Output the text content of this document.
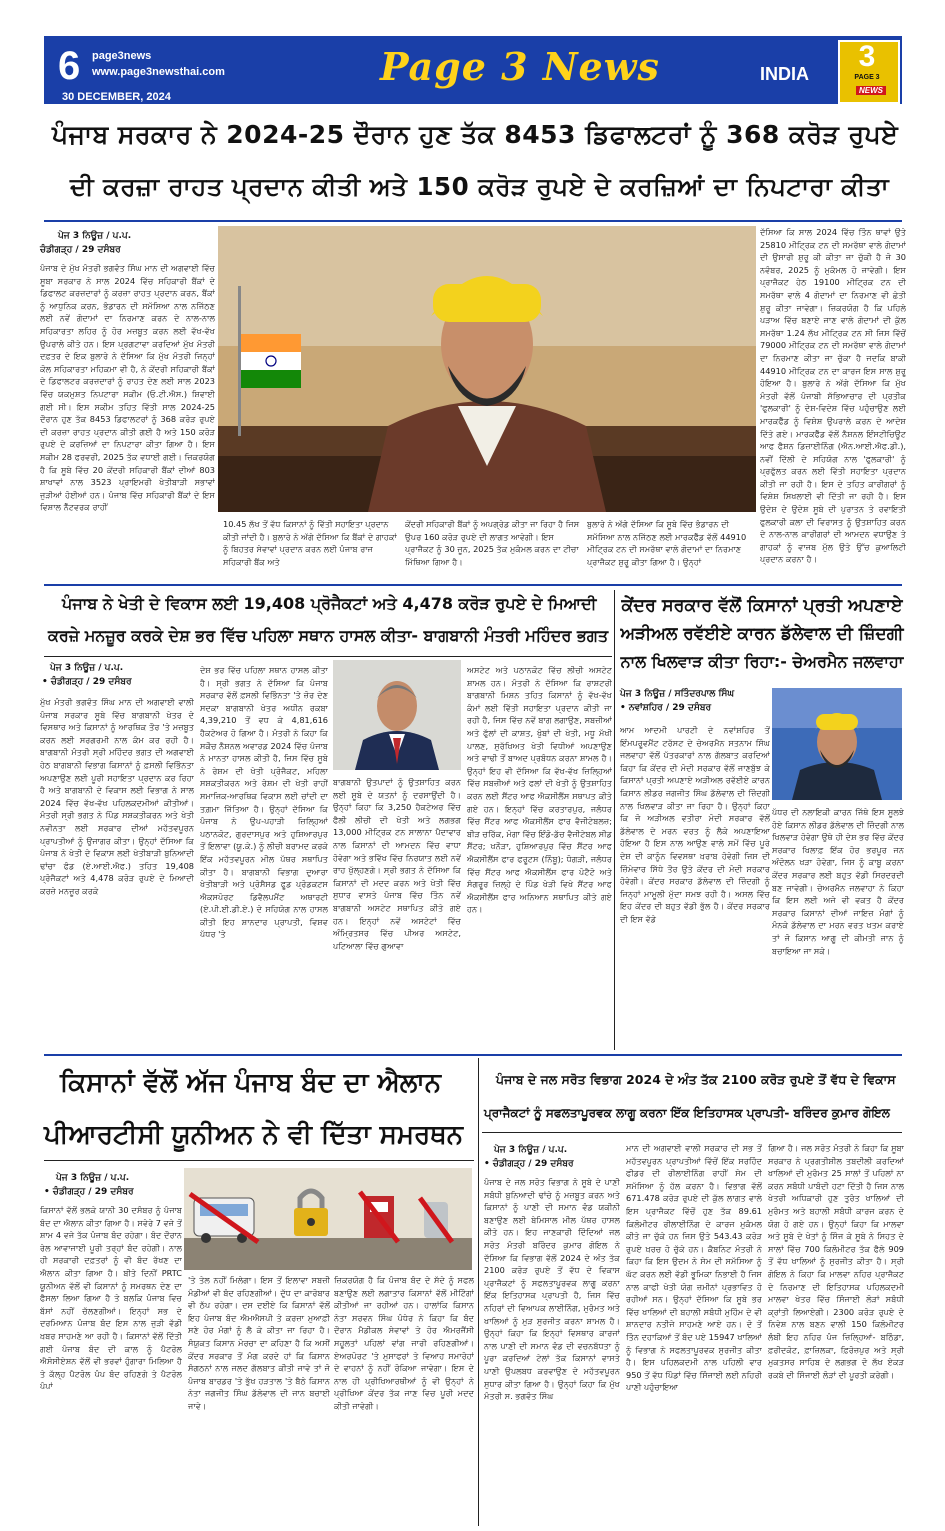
6 page3news
www.page3newsthai.com
30 DECEMBER, 2024
Page 3 News	INDIA
3
PAGE 3
NEWS
ਪੰਜਾਬ ਸਰਕਾਰ ਨੇ 2024-25 ਦੌਰਾਨ ਹੁਣ ਤੱਕ 8453 ਡਿਫਾਲਟਰਾਂ ਨੂੰ 368 ਕਰੋੜ ਰੁਪਏ
ਦੀ ਕਰਜ਼ਾ ਰਾਹਤ ਪ੍ਰਦਾਨ ਕੀਤੀ ਅਤੇ 150 ਕਰੋੜ ਰੁਪਏ ਦੇ ਕਰਜ਼ਿਆਂ ਦਾ ਨਿਪਟਾਰਾ ਕੀਤਾ
ਪੇਜ 3 ਨਿਊਜ਼ / ਪ.ਪ.
ਚੰਡੀਗੜ੍ਹ / 29 ਦਸੰਬਰ
ਪੰਜਾਬ ਦੇ ਮੁੱਖ ਮੰਤਰੀ ਭਗਵੰਤ ਸਿੰਘ ਮਾਨ ਦੀ ਅਗਵਾਈ ਵਿੱਚ ਸੂਬਾ ਸਰਕਾਰ ਨੇ ਸਾਲ 2024 ਵਿੱਚ ਸਹਿਕਾਰੀ ਬੈਂਕਾਂ ਦੇ ਡਿਫਾਲਟ ਕਰਜ਼ਦਾਰਾਂ ਨੂੰ ਕਰਜ਼ਾ ਰਾਹਤ ਪ੍ਰਦਾਨ ਕਰਨ, ਬੈਂਕਾਂ ਨੂੰ ਆਧੁਨਿਕ ਕਰਨ, ਭੰਡਾਰਨ ਦੀ ਸਮੱਸਿਆ ਨਾਲ ਨਜਿੱਠਣ ਲਈ ਨਵੇਂ ਗੋਦਾਮਾਂ ਦਾ ਨਿਰਮਾਣ ਕਰਨ ਦੇ ਨਾਲ-ਨਾਲ ਸਹਿਕਾਰਤਾ ਲਹਿਰ ਨੂੰ ਹੋਰ ਮਜ਼ਬੂਤ ਕਰਨ ਲਈ ਵੱਖ-ਵੱਖ ਉਪਰਾਲੇ ਕੀਤੇ ਹਨ। ਇਸ ਪ੍ਰਗਟਾਵਾ ਕਰਦਿਆਂ ਮੁੱਖ ਮੰਤਰੀ ਦਫ਼ਤਰ ਦੇ ਇਕ ਬੁਲਾਰੇ ਨੇ ਦੱਸਿਆ ਕਿ ਮੁੱਖ ਮੰਤਰੀ ਜਿਨ੍ਹਾਂ ਕੋਲ ਸਹਿਕਾਰਤਾ ਮਹਿਕਮਾ ਵੀ ਹੈ, ਨੇ ਕੇਂਦਰੀ ਸਹਿਕਾਰੀ ਬੈਂਕਾਂ ਦੇ ਡਿਫਾਲਟਰ ਕਰਜ਼ਦਾਰਾਂ ਨੂੰ ਰਾਹਤ ਦੇਣ ਲਈ ਸਾਲ 2023 ਵਿੱਚ ਯਕਮੁਸ਼ਤ ਨਿਪਟਾਰਾ ਸਕੀਮ (ਓ.ਟੀ.ਐਸ.) ਸ਼ਿਵਾਈ ਗਈ ਸੀ। ਇਸ ਸਕੀਮ ਤਹਿਤ ਵਿੱਤੀ ਸਾਲ 2024-25 ਦੌਰਾਨ ਹੁਣ ਤੱਕ 8453 ਡਿਫਾਲਟਰਾਂ ਨੂੰ 368 ਕਰੋੜ ਰੁਪਏ ਦੀ ਕਰਜ਼ਾ ਰਾਹਤ ਪ੍ਰਦਾਨ ਕੀਤੀ ਗਈ ਹੈ ਅਤੇ 150 ਕਰੋੜ ਰੁਪਏ ਦੇ ਕਰਜ਼ਿਆਂ ਦਾ ਨਿਪਟਾਰਾ ਕੀਤਾ ਗਿਆ ਹੈ। ਇਸ ਸਕੀਮ 28 ਫਰਵਰੀ, 2025 ਤੱਕ ਵਧਾਈ ਗਈ। ਜ਼ਿਕਰਯੋਗ ਹੈ ਕਿ ਸੂਬੇ ਵਿੱਚ 20 ਕੇਂਦਰੀ ਸਹਿਕਾਰੀ ਬੈਂਕਾਂ ਦੀਆਂ 803 ਸ਼ਾਖਾਵਾਂ ਨਾਲ 3523 ਪ੍ਰਾਇਮਰੀ ਖੇਤੀਬਾੜੀ ਸਭਾਵਾਂ ਜੁੜੀਆਂ ਹੋਈਆਂ ਹਨ। ਪੰਜਾਬ ਵਿੱਚ ਸਹਿਕਾਰੀ ਬੈਂਕਾਂ ਦੇ ਇਸ ਵਿਸ਼ਾਲ ਨੈੱਟਵਰਕ ਰਾਹੀਂ
10.45 ਲੱਖ ਤੋਂ ਵੱਧ ਕਿਸਾਨਾਂ ਨੂੰ ਵਿੱਤੀ ਸਹਾਇਤਾ ਪ੍ਰਦਾਨ ਕੀਤੀ ਜਾਂਦੀ ਹੈ। ਬੁਲਾਰੇ ਨੇ ਅੱਗੇ ਦੱਸਿਆ ਕਿ ਬੈਂਕਾਂ ਦੇ ਗਾਹਕਾਂ ਨੂੰ ਬਿਹਤਰ ਸੇਵਾਵਾਂ ਪ੍ਰਦਾਨ ਕਰਨ ਲਈ ਪੰਜਾਬ ਰਾਜ ਸਹਿਕਾਰੀ ਬੈਂਕ ਅਤੇ
ਕੇਂਦਰੀ ਸਹਿਕਾਰੀ ਬੈਂਕਾਂ ਨੂੰ ਅਪਗ੍ਰੇਡ ਕੀਤਾ ਜਾ ਰਿਹਾ ਹੈ ਜਿਸ ਉਪਰ 160 ਕਰੋੜ ਰੁਪਏ ਦੀ ਲਾਗਤ ਆਵੇਗੀ। ਇਸ ਪ੍ਰਾਜੈਕਟ ਨੂੰ 30 ਜੂਨ, 2025 ਤੱਕ ਮੁਕੰਮਲ ਕਰਨ ਦਾ ਟੀਚਾ ਮਿੱਥਿਆ ਗਿਆ ਹੈ।
ਬੁਲਾਰੇ ਨੇ ਅੱਗੇ ਦੱਸਿਆ ਕਿ ਸੂਬੇ ਵਿੱਚ ਭੰਡਾਰਨ ਦੀ ਸਮੱਸਿਆ ਨਾਲ ਨਜਿੱਠਣ ਲਈ ਮਾਰਕਫੈੱਡ ਵੱਲੋਂ 44910 ਮੀਟ੍ਰਿਕ ਟਨ ਦੀ ਸਮਰੱਥਾ ਵਾਲੇ ਗੋਦਾਮਾਂ ਦਾ ਨਿਰਮਾਣ ਪ੍ਰਾਜੈਕਟ ਸ਼ੁਰੂ ਕੀਤਾ ਗਿਆ ਹੈ। ਉਨ੍ਹਾਂ
ਦੱਸਿਆ ਕਿ ਸਾਲ 2024 ਵਿੱਚ ਤਿੰਨ ਥਾਵਾਂ ਉਤੇ 25810 ਮੀਟ੍ਰਿਕ ਟਨ ਦੀ ਸਮਰੱਥਾ ਵਾਲੇ ਗੋਦਾਮਾਂ ਦੀ ਉਸਾਰੀ ਸ਼ੁਰੂ ਕੀ ਕੀਤਾ ਜਾ ਚੁੱਕੀ ਹੈ ਜੋ 30 ਨਵੰਬਰ, 2025 ਨੂੰ ਮੁਕੰਮਲ ਹੋ ਜਾਵੇਗੀ। ਇਸ ਪ੍ਰਾਜੈਕਟ ਹੇਠ 19100 ਮੀਟ੍ਰਿਕ ਟਨ ਦੀ ਸਮਰੱਥਾ ਵਾਲੇ 4 ਗੋਦਾਮਾਂ ਦਾ ਨਿਰਮਾਣ ਵੀ ਛੇਤੀ ਸ਼ੁਰੂ ਕੀਤਾ ਜਾਵੇਗਾ। ਜ਼ਿਕਰਯੋਗ ਹੈ ਕਿ ਪਹਿਲੇ ਪੜਾਅ ਵਿੱਚ ਬਣਾਏ ਜਾਣ ਵਾਲੇ ਗੋਦਾਮਾਂ ਦੀ ਕੁੱਲ ਸਮਰੱਥਾ 1.24 ਲੱਖ ਮੀਟ੍ਰਿਕ ਟਨ ਸੀ ਜਿਸ ਵਿੱਚੋਂ 79000 ਮੀਟ੍ਰਿਕ ਟਨ ਦੀ ਸਮਰੱਥਾ ਵਾਲੇ ਗੋਦਾਮਾਂ ਦਾ ਨਿਰਮਾਣ ਕੀਤਾ ਜਾ ਚੁੱਕਾ ਹੈ ਜਦਕਿ ਬਾਕੀ 44910 ਮੀਟ੍ਰਿਕ ਟਨ ਦਾ ਕਾਰਜ ਇਸ ਸਾਲ ਸ਼ੁਰੂ ਹੋਇਆ ਹੈ। ਬੁਲਾਰੇ ਨੇ ਅੱਗੇ ਦੱਸਿਆ ਕਿ ਮੁੱਖ ਮੰਤਰੀ ਵੱਲੋਂ ਪੰਜਾਬੀ ਸੱਭਿਆਚਾਰ ਦੀ ਪ੍ਰਤੀਕ 'ਫੁਲਕਾਰੀ' ਨੂੰ ਦੇਸ਼-ਵਿਦੇਸ਼ ਵਿੱਚ ਪਹੁੰਚਾਉਣ ਲਈ ਮਾਰਕਫੈੱਡ ਨੂੰ ਵਿਸ਼ੇਸ਼ ਉਪਰਾਲੇ ਕਰਨ ਦੇ ਆਦੇਸ਼ ਦਿੱਤੇ ਗਏ। ਮਾਰਕਫੈੱਡ ਵੱਲੋਂ ਨੈਸ਼ਨਲ ਇੰਸਟੀਚਿਊਟ ਆਫ ਫੈਸ਼ਨ ਡਿਜ਼ਾਈਨਿੰਗ (ਐਨ.ਆਈ.ਐਫ.ਡੀ.), ਨਵੀਂ ਦਿੱਲੀ ਦੇ ਸਹਿਯੋਗ ਨਾਲ 'ਫੁਲਕਾਰੀ' ਨੂੰ ਪ੍ਰਫੁੱਲਤ ਕਰਨ ਲਈ ਵਿੱਤੀ ਸਹਾਇਤਾ ਪ੍ਰਦਾਨ ਕੀਤੀ ਜਾ ਰਹੀ ਹੈ। ਇਸ ਦੇ ਤਹਿਤ ਕਾਰੀਗਰਾਂ ਨੂੰ ਵਿਸ਼ੇਸ਼ ਸਿਖਲਾਈ ਵੀ ਦਿੱਤੀ ਜਾ ਰਹੀ ਹੈ। ਇਸ ਉਦੇਸ਼ ਦੇ ਉਦੇਸ਼ ਸੂਬੇ ਦੀ ਪੁਰਾਤਨ ਤੇ ਰਵਾਇਤੀ ਫੁਲਕਾਰੀ ਕਲਾ ਦੀ ਵਿਰਾਸਤ ਨੂੰ ਉਤਸ਼ਾਹਿਤ ਕਰਨ ਦੇ ਨਾਲ-ਨਾਲ ਕਾਰੀਗਰਾਂ ਦੀ ਆਮਦਨ ਵਧਾਉਣ ਤੇ ਗਾਹਕਾਂ ਨੂੰ ਵਾਜਬ ਮੁੱਲ ਉਤੇ ਉੱਚ ਕੁਆਲਿਟੀ ਪ੍ਰਦਾਨ ਕਰਨਾ ਹੈ।
ਪੰਜਾਬ ਨੇ ਖੇਤੀ ਦੇ ਵਿਕਾਸ ਲਈ 19,408 ਪ੍ਰੋਜੈਕਟਾਂ ਅਤੇ 4,478 ਕਰੋੜ ਰੁਪਏ ਦੇ ਮਿਆਦੀ
ਕਰਜ਼ੇ ਮਨਜ਼ੂਰ ਕਰਕੇ ਦੇਸ਼ ਭਰ ਵਿੱਚ ਪਹਿਲਾ ਸਥਾਨ ਹਾਸਲ ਕੀਤਾ- ਬਾਗਬਾਨੀ ਮੰਤਰੀ ਮਹਿੰਦਰ ਭਗਤ
ਪੇਜ 3 ਨਿਊਜ਼ / ਪ.ਪ.
• ਚੰਡੀਗੜ੍ਹ / 29 ਦਸੰਬਰ
ਮੁੱਖ ਮੰਤਰੀ ਭਗਵੰਤ ਸਿੰਘ ਮਾਨ ਦੀ ਅਗਵਾਈ ਵਾਲੀ ਪੰਜਾਬ ਸਰਕਾਰ ਸੂਬੇ ਵਿੱਚ ਬਾਗਬਾਨੀ ਖੇਤਰ ਦੇ ਵਿਸਥਾਰ ਅਤੇ ਕਿਸਾਨਾਂ ਨੂੰ ਆਰਥਿਕ ਤੌਰ 'ਤੇ ਮਜ਼ਬੂਤ ਕਰਨ ਲਈ ਸਰਗਰਮੀ ਨਾਲ ਕੰਮ ਕਰ ਰਹੀ ਹੈ। ਬਾਗਬਾਨੀ ਮੰਤਰੀ ਸ੍ਰੀ ਮਹਿੰਦਰ ਭਗਤ ਦੀ ਅਗਵਾਈ ਹੇਠ ਬਾਗਬਾਨੀ ਵਿਭਾਗ ਕਿਸਾਨਾਂ ਨੂੰ ਫ਼ਸਲੀ ਵਿਭਿੰਨਤਾ ਅਪਣਾਉਣ ਲਈ ਪੂਰੀ ਸਹਾਇਤਾ ਪ੍ਰਦਾਨ ਕਰ ਰਿਹਾ ਹੈ ਅਤੇ ਬਾਗਬਾਨੀ ਦੇ ਵਿਕਾਸ ਲਈ ਵਿਭਾਗ ਨੇ ਸਾਲ 2024 ਵਿੱਚ ਵੱਖ-ਵੱਖ ਪਹਿਲਕਦਮੀਆਂ ਕੀਤੀਆਂ। ਮੰਤਰੀ ਸ੍ਰੀ ਭਗਤ ਨੇ ਪਿੰਡ ਸਸ਼ਕਤੀਕਰਨ ਅਤੇ ਖੇਤੀ ਨਵੀਨਤਾ ਲਈ ਸਰਕਾਰ ਦੀਆਂ ਮਹੱਤਵਪੂਰਨ ਪ੍ਰਾਪਤੀਆਂ ਨੂੰ ਉਜਾਗਰ ਕੀਤਾ। ਉਨ੍ਹਾਂ ਦੱਸਿਆ ਕਿ ਪੰਜਾਬ ਨੇ ਖੇਤੀ ਦੇ ਵਿਕਾਸ ਲਈ ਖੇਤੀਬਾੜੀ ਬੁਨਿਆਦੀ ਢਾਂਚਾ ਫੰਡ (ਏ.ਆਈ.ਐਫ.) ਤਹਿਤ 19,408 ਪ੍ਰੋਜੈਕਟਾਂ ਅਤੇ 4,478 ਕਰੋੜ ਰੁਪਏ ਦੇ ਮਿਆਦੀ ਕਰਜ਼ੇ ਮਨਜ਼ੂਰ ਕਰਕੇ
ਦੇਸ਼ ਭਰ ਵਿੱਚ ਪਹਿਲਾ ਸਥਾਨ ਹਾਸਲ ਕੀਤਾ ਹੈ। ਸ੍ਰੀ ਭਗਤ ਨੇ ਦੱਸਿਆ ਕਿ ਪੰਜਾਬ ਸਰਕਾਰ ਵੱਲੋਂ ਫ਼ਸਲੀ ਵਿਭਿੰਨਤਾ 'ਤੇ ਜ਼ੋਰ ਦੇਣ ਸਦਕਾ ਬਾਗਬਾਨੀ ਖੇਤਰ ਅਧੀਨ ਰਕਬਾ 4,39,210 ਤੋਂ ਵਧ ਕੇ 4,81,616 ਹੈਕਟੇਅਰ ਹੋ ਗਿਆ ਹੈ। ਮੰਤਰੀ ਨੇ ਕਿਹਾ ਕਿ ਸਕੌਚ ਨੈਸ਼ਨਲ ਅਵਾਰਡ 2024 ਵਿੱਚ ਪੰਜਾਬ ਨੇ ਮਾਨਤਾ ਹਾਸਲ ਕੀਤੀ ਹੈ, ਜਿਸ ਵਿੱਚ ਸੂਬੇ ਨੇ ਰੇਸ਼ਮ ਦੀ ਖੇਤੀ ਪ੍ਰੋਜੈਕਟ, ਮਹਿਲਾ ਸਸ਼ਕਤੀਕਰਨ ਅਤੇ ਰੇਸ਼ਮ ਦੀ ਖੇਤੀ ਰਾਹੀਂ ਸਮਾਜਿਕ-ਆਰਥਿਕ ਵਿਕਾਸ ਲਈ ਚਾਂਦੀ ਦਾ ਤਗ਼ਮਾ ਜਿੱਤਿਆ ਹੈ। ਉਨ੍ਹਾਂ ਦੱਸਿਆ ਕਿ ਪੰਜਾਬ ਨੇ ਉਪ-ਪਹਾੜੀ ਜ਼ਿਲ੍ਹਿਆਂ ਪਠਾਨਕੋਟ, ਗੁਰਦਾਸਪੁਰ ਅਤੇ ਹੁਸ਼ਿਆਰਪੁਰ ਤੋਂ ਇਲਾਵਾ (ਯੂ.ਕੇ.) ਨੂੰ ਲੀਚੀ ਬਰਾਮਦ ਕਰਕੇ ਇੱਕ ਮਹੱਤਵਪੂਰਨ ਮੀਲ ਪੱਥਰ ਸਥਾਪਿਤ ਕੀਤਾ ਹੈ। ਬਾਗਬਾਨੀ ਵਿਭਾਗ ਦੁਆਰਾ ਖੇਤੀਬਾੜੀ ਅਤੇ ਪ੍ਰੋਸੈਸਡ ਫੂਡ ਪ੍ਰੋਡਕਟਸ ਐਕਸਪੋਰਟ ਡਿਵੈਲਪਮੈਂਟ ਅਥਾਰਟੀ (ਏ.ਪੀ.ਈ.ਡੀ.ਏ.) ਦੇ ਸਹਿਯੋਗ ਨਾਲ ਹਾਸਲ ਕੀਤੀ ਇਹ ਸ਼ਾਨਦਾਰ ਪ੍ਰਾਪਤੀ, ਵਿਸ਼ਵ ਪੱਧਰ 'ਤੇ
ਬਾਗਬਾਨੀ ਉਤਪਾਦਾਂ ਨੂੰ ਉਤਸ਼ਾਹਿਤ ਕਰਨ ਲਈ ਸੂਬੇ ਦੇ ਯਤਨਾਂ ਨੂੰ ਦਰਸਾਉਂਦੀ ਹੈ। ਉਨ੍ਹਾਂ ਕਿਹਾ ਕਿ 3,250 ਹੈਕਟੇਅਰ ਵਿੱਚ ਫੈਲੀ ਲੀਚੀ ਦੀ ਖੇਤੀ ਅਤੇ ਲਗਭਗ 13,000 ਮੀਟ੍ਰਿਕ ਟਨ ਸਾਲਾਨਾ ਪੈਦਾਵਾਰ ਨਾਲ ਕਿਸਾਨਾਂ ਦੀ ਆਮਦਨ ਵਿੱਚ ਵਾਧਾ ਹੋਵੇਗਾ ਅਤੇ ਭਵਿੱਖ ਵਿੱਚ ਨਿਰਯਾਤ ਲਈ ਨਵੇਂ ਰਾਹ ਖੁੱਲ੍ਹਣਗੇ। ਸ੍ਰੀ ਭਗਤ ਨੇ ਦੱਸਿਆ ਕਿ ਕਿਸਾਨਾਂ ਦੀ ਮਦਦ ਕਰਨ ਅਤੇ ਖੇਤੀ ਵਿੱਚ ਸੁਧਾਰ ਵਾਸਤੇ ਪੰਜਾਬ ਵਿੱਚ ਤਿੰਨ ਨਵੇਂ ਬਾਗਬਾਨੀ ਅਸਟੇਟ ਸਥਾਪਿਤ ਕੀਤੇ ਗਏ ਹਨ। ਇਨ੍ਹਾਂ ਨਵੇਂ ਅਸਟੇਟਾਂ ਵਿੱਚ ਅੰਮ੍ਰਿਤਸਰ ਵਿੱਚ ਪੀਅਰ ਅਸਟੇਟ, ਪਟਿਆਲਾ ਵਿੱਚ ਗੁਆਵਾ
ਅਸਟੇਟ ਅਤੇ ਪਠਾਨਕੋਟ ਵਿੱਚ ਲੀਚੀ ਅਸਟੇਟ ਸ਼ਾਮਲ ਹਨ। ਮੰਤਰੀ ਨੇ ਦੱਸਿਆ ਕਿ ਰਾਸ਼ਟਰੀ ਬਾਗਬਾਨੀ ਮਿਸ਼ਨ ਤਹਿਤ ਕਿਸਾਨਾਂ ਨੂੰ ਵੱਖ-ਵੱਖ ਕੰਮਾਂ ਲਈ ਵਿੱਤੀ ਸਹਾਇਤਾ ਪ੍ਰਦਾਨ ਕੀਤੀ ਜਾ ਰਹੀ ਹੈ, ਜਿਸ ਵਿੱਚ ਨਵੇਂ ਬਾਗ ਲਗਾਉਣ, ਸਬਜ਼ੀਆਂ ਅਤੇ ਫੁੱਲਾਂ ਦੀ ਕਾਸ਼ਤ, ਖੁੰਬਾਂ ਦੀ ਖੇਤੀ, ਮਧੂ ਮੱਖੀ ਪਾਲਣ, ਸੁਰੱਖਿਅਤ ਖੇਤੀ ਵਿਧੀਆਂ ਅਪਣਾਉਣ ਅਤੇ ਵਾਢੀ ਤੋਂ ਬਾਅਦ ਪ੍ਰਬੰਧਨ ਕਰਨਾ ਸ਼ਾਮਲ ਹੈ। ਉਨ੍ਹਾਂ ਇਹ ਵੀ ਦੱਸਿਆ ਕਿ ਵੱਖ-ਵੱਖ ਜ਼ਿਲ੍ਹਿਆਂ ਵਿੱਚ ਸਬਜ਼ੀਆਂ ਅਤੇ ਫਲਾਂ ਦੀ ਖੇਤੀ ਨੂੰ ਉਤਸ਼ਾਹਿਤ ਕਰਨ ਲਈ ਸੈਂਟਰ ਆਫ ਐਕਸੀਲੈਂਸ ਸਥਾਪਤ ਕੀਤੇ ਗਏ ਹਨ। ਇਨ੍ਹਾਂ ਵਿੱਚ ਕਰਤਾਰਪੁਰ, ਜਲੰਧਰ ਵਿੱਚ ਸੈਂਟਰ ਆਫ ਐਕਸੀਲੈਂਸ ਫਾਰ ਵੈਜੀਟੇਬਲਜ਼; ਬੀੜ ਚਰਿੱਕ, ਮੋਗਾ ਵਿੱਚ ਇੰਡੋ-ਡੱਚ ਵੈਜੀਟੇਬਲ ਸੀਡ ਸੈਂਟਰ; ਖਨੌੜਾ, ਹੁਸ਼ਿਆਰਪੁਰ ਵਿੱਚ ਸੈਂਟਰ ਆਫ ਐਕਸੀਲੈਂਸ ਫਾਰ ਫਰੂਟਸ (ਨਿੰਬੂ); ਧੋਗੜੀ, ਜਲੰਧਰ ਵਿੱਚ ਸੈਂਟਰ ਆਫ ਐਕਸੀਲੈਂਸ ਫਾਰ ਪੋਟੈਟੋ ਅਤੇ ਸੰਗਰੂਰ ਜ਼ਿਲ੍ਹੇ ਦੇ ਪਿੰਡ ਖੇੜੀ ਵਿਖੇ ਸੈਂਟਰ ਆਫ ਐਕਸੀਲੈਂਸ ਫਾਰ ਅਨਿਆਨ ਸਥਾਪਿਤ ਕੀਤੇ ਗਏ ਹਨ।
ਕੇਂਦਰ ਸਰਕਾਰ ਵੱਲੋਂ ਕਿਸਾਨਾਂ ਪ੍ਰਤੀ ਅਪਣਾਏ
ਅੜੀਅਲ ਰਵੱਈਏ ਕਾਰਨ ਡੱਲੇਵਾਲ ਦੀ ਜ਼ਿੰਦਗੀ
ਨਾਲ ਖਿਲਵਾੜ ਕੀਤਾ ਰਿਹਾ:- ਚੇਅਰਮੈਨ ਜਲਵਾਹਾ
ਪੇਜ 3 ਨਿਊਜ਼ / ਸਤਿੰਦਰਪਾਲ ਸਿੰਘ
• ਨਵਾਂਸ਼ਹਿਰ / 29 ਦਸੰਬਰ
ਆਮ ਆਦਮੀ ਪਾਰਟੀ ਦੇ ਨਵਾਂਸ਼ਹਿਰ ਤੋਂ ਇੰਮਪਰੂਵਮੈਂਟ ਟਰੱਸਟ ਦੇ ਚੇਅਰਮੈਨ ਸਤਨਾਮ ਸਿੰਘ ਜਲਵਾਹਾ ਵੱਲੋਂ ਪੱਤਰਕਾਰਾਂ ਨਾਲ ਗੱਲਬਾਤ ਕਰਦਿਆਂ ਕਿਹਾ ਕਿ ਕੇਂਦਰ ਦੀ ਮੋਦੀ ਸਰਕਾਰ ਵੱਲੋਂ ਜਾਣਬੁੱਝ ਕੇ ਕਿਸਾਨਾਂ ਪ੍ਰਤੀ ਅਪਣਾਏ ਅੜੀਅਲ ਰਵੱਈਏ ਕਾਰਨ ਕਿਸਾਨ ਲੀਡਰ ਜਗਜੀਤ ਸਿੰਘ ਡੱਲੇਵਾਲ ਦੀ ਜ਼ਿੰਦਗੀ ਨਾਲ ਖਿਲਵਾੜ ਕੀਤਾ ਜਾ ਰਿਹਾ ਹੈ। ਉਨ੍ਹਾਂ ਕਿਹਾ ਕਿ ਜੋ ਅੜੀਅਲ ਵਤੀਰਾ ਮੋਦੀ ਸਰਕਾਰ ਵੱਲੋਂ ਡੱਲੇਵਾਲ ਦੇ ਮਰਨ ਵਰਤ ਨੂੰ ਲੈਕੇ ਅਪਣਾਇਆ ਹੋਇਆ ਹੈ ਇਸ ਨਾਲ ਆਉਣ ਵਾਲੇ ਸਮੇਂ ਵਿੱਚ ਪੂਰੇ ਦੇਸ਼ ਦੀ ਕਾਨੂੰਨ ਵਿਵਸਥਾ ਖ਼ਰਾਬ ਹੋਵੇਗੀ ਜਿਸ ਦੀ ਜ਼ਿੰਮੇਵਾਰ ਸਿੱਧੇ ਤੌਰ ਉਤੇ ਕੇਂਦਰ ਦੀ ਮੋਦੀ ਸਰਕਾਰ ਹੋਵੇਗੀ। ਕੇਂਦਰ ਸਰਕਾਰ ਡੱਲੇਵਾਲ ਦੀ ਜ਼ਿੰਦਗੀ ਨੂੰ ਜਿਨ੍ਹਾਂ ਮਾਮੂਲੀ ਮੁੱਦਾ ਸਮਝ ਰਹੀ ਹੈ। ਅਸਲ ਵਿੱਚ ਇਹ ਕੇਂਦਰ ਦੀ ਬਹੁਤ ਵੱਡੀ ਭੁੱਲ ਹੈ। ਕੇਂਦਰ ਸਰਕਾਰ ਦੀ ਇਸ ਵੱਡੇ
ਪੱਧਰ ਦੀ ਨਲਾਇਕੀ ਕਾਰਨ ਜਿੱਥੇ ਇਸ ਸੂਲਝੇ ਹੋਏ ਕਿਸਾਨ ਲੀਡਰ ਡੱਲੇਵਾਲ ਦੀ ਜ਼ਿੰਦਗੀ ਨਾਲ ਖਿਲਵਾੜ ਹੋਵੇਗਾ ਉਥੇ ਹੀ ਦੇਸ਼ ਭਰ ਵਿੱਚ ਕੇਂਦਰ ਸਰਕਾਰ ਖਿਲਾਫ਼ ਇੱਕ ਹੋਰ ਭਰਪੂਰ ਜਨ ਅੰਦੋਲਨ ਖੜਾ ਹੋਵੇਗਾ, ਜਿਸ ਨੂੰ ਕਾਬੂ ਕਰਨਾ ਕੇਂਦਰ ਸਰਕਾਰ ਲਈ ਬਹੁਤ ਵੱਡੀ ਸਿਰਦਰਦੀ ਬਣ ਜਾਵੇਗੀ। ਚੇਅਰਮੈਨ ਜਲਵਾਹਾ ਨੇ ਕਿਹਾ ਕਿ ਇਸ ਲਈ ਅਜੇ ਵੀ ਵਕਤ ਹੈ ਕੇਂਦਰ ਸਰਕਾਰ ਕਿਸਾਨਾਂ ਦੀਆਂ ਜਾਇਜ਼ ਮੰਗਾਂ ਨੂੰ ਮੰਨਕੇ ਡੱਲੇਵਾਲ ਦਾ ਮਰਨ ਵਰਤ ਖਤਮ ਕਰਾਏ ਤਾਂ ਜੋ ਕਿਸਾਨ ਆਗੂ ਦੀ ਕੀਮਤੀ ਜਾਨ ਨੂੰ ਬਚਾਇਆ ਜਾ ਸਕੇ।
ਕਿਸਾਨਾਂ ਵੱਲੋਂ ਅੱਜ ਪੰਜਾਬ ਬੰਦ ਦਾ ਐਲਾਨ
ਪੀਆਰਟੀਸੀ ਯੂਨੀਅਨ ਨੇ ਵੀ ਦਿੱਤਾ ਸਮਰਥਨ
ਪੇਜ 3 ਨਿਊਜ਼ / ਪ.ਪ.
• ਚੰਡੀਗੜ੍ਹ / 29 ਦਸੰਬਰ
ਕਿਸਾਨਾਂ ਵੱਲੋਂ ਭਲਕੇ ਯਾਨੀ 30 ਦਸੰਬਰ ਨੂੰ ਪੰਜਾਬ ਬੰਦ ਦਾ ਐਲਾਨ ਕੀਤਾ ਗਿਆ ਹੈ। ਸਵੇਰੇ 7 ਵਜੇ ਤੋਂ ਸ਼ਾਮ 4 ਵਜੇ ਤੱਕ ਪੰਜਾਬ ਬੰਦ ਰਹੇਗਾ। ਬੰਦ ਦੌਰਾਨ ਰੇਲ ਆਵਾਜਾਈ ਪੂਰੀ ਤਰ੍ਹਾਂ ਬੰਦ ਰਹੇਗੀ। ਨਾਲ ਹੀ ਸਰਕਾਰੀ ਦਫ਼ਤਰਾਂ ਨੂੰ ਵੀ ਬੰਦ ਰੱਖਣ ਦਾ ਐਲਾਨ ਕੀਤਾ ਗਿਆ ਹੈ। ਬੀਤੇ ਦਿਨੀਂ PRTC ਯੂਨੀਅਨ ਵੱਲੋਂ ਵੀ ਕਿਸਾਨਾਂ ਨੂੰ ਸਮਰਥਨ ਦੇਣ ਦਾ ਫੈਸਲਾ ਲਿਆ ਗਿਆ ਹੈ ਤੇ ਬਲਕਿ ਪੰਜਾਬ ਵਿਚ ਬੱਸਾਂ ਨਹੀਂ ਚੱਲਣਗੀਆਂ। ਇਨ੍ਹਾਂ ਸਭ ਦੇ ਦਰਮਿਆਨ ਪੰਜਾਬ ਬੰਦ ਇਸ ਨਾਲ ਜੁੜੀ ਵੱਡੀ ਖ਼ਬਰ ਸਾਹਮਣੇ ਆ ਰਹੀ ਹੈ। ਕਿਸਾਨਾਂ ਵੱਲੋਂ ਦਿੱਤੀ ਗਈ ਪੰਜਾਬ ਬੰਦ ਦੀ ਕਾਲ ਨੂੰ ਪੈਟਰੋਲ ਐਸੋਸੀਏਸ਼ਨ ਵੱਲੋਂ ਵੀ ਭਰਵਾਂ ਹੁੰਗਾਰਾ ਮਿਲਿਆ ਹੈ ਤੇ ਕੱਲ੍ਹ ਪੈਟਰੋਲ ਪੰਪ ਬੰਦ ਰਹਿਣਗੇ ਤੇ ਪੈਟਰੋਲ ਪੰਪਾਂ
'ਤੇ ਤੇਲ ਨਹੀਂ ਮਿਲੇਗਾ। ਇਸ ਤੋਂ ਇਲਾਵਾ ਸਬਜ਼ੀ ਮੰਡੀਆਂ ਵੀ ਬੰਦ ਰਹਿਣਗੀਆਂ। ਦੁੱਧ ਦਾ ਕਾਰੋਬਾਰ ਵੀ ਠੱਪ ਰਹੇਗਾ। ਦਸ ਦਈਏ ਕਿ ਕਿਸਾਨਾਂ ਵੱਲੋਂ ਇਹ ਪੰਜਾਬ ਬੰਦ ਐਮਐਸਪੀ ਤੇ ਕਰਜ਼ਾ ਮੁਆਫ਼ੀ ਸਣੇ ਹੋਰ ਮੰਗਾਂ ਨੂੰ ਲੈ ਕੇ ਕੀਤਾ ਜਾ ਰਿਹਾ ਹੈ। ਸੰਯੁਕਤ ਕਿਸਾਨ ਮੋਰਚਾ ਦਾ ਕਹਿਣਾ ਹੈ ਕਿ ਅਸੀਂ ਕੇਂਦਰ ਸਰਕਾਰ ਤੋਂ ਮੰਗ ਕਰਦੇ ਹਾਂ ਕਿ ਕਿਸਾਨ ਸੰਗਠਨਾਂ ਨਾਲ ਜਲਦ ਗੱਲਬਾਤ ਕੀਤੀ ਜਾਵੇ ਤਾਂ ਜੋ ਪੰਜਾਬ ਬਾਰਡਰ 'ਤੇ ਭੁੱਖ ਹੜਤਾਲ 'ਤੇ ਬੈਠੇ ਕਿਸਾਨ ਨੇਤਾ ਜਗਜੀਤ ਸਿੰਘ ਡੱਲੇਵਾਲ ਦੀ ਜਾਨ ਬਚਾਈ ਜਾਵੇ।
ਜ਼ਿਕਰਯੋਗ ਹੈ ਕਿ ਪੰਜਾਬ ਬੰਦ ਦੇ ਸੱਦੇ ਨੂੰ ਸਫਲ ਬਣਾਉਣ ਲਈ ਲਗਾਤਾਰ ਕਿਸਾਨਾਂ ਵੱਲੋਂ ਮੀਟਿੰਗਾਂ ਕੀਤੀਆਂ ਜਾ ਰਹੀਆਂ ਹਨ। ਹਾਲਾਂਕਿ ਕਿਸਾਨ ਨੇਤਾ ਸਰਵਨ ਸਿੰਘ ਪੰਧੇਰ ਨੇ ਕਿਹਾ ਕਿ ਬੰਦ ਦੌਰਾਨ ਮੈਡੀਕਲ ਸੇਵਾਵਾਂ ਤੇ ਹੋਰ ਐਮਰਜੈਂਸੀ ਸਹੂਲਤਾਂ ਪਹਿਲਾਂ ਵਾਂਗ ਜਾਰੀ ਰਹਿਣਗੀਆਂ। ਏਅਰਪੋਰਟ 'ਤੇ ਮੁਸਾਫਰਾਂ ਤੇ ਵਿਆਹ ਸਮਾਰੋਹਾਂ ਦੇ ਵਾਹਨਾਂ ਨੂੰ ਨਹੀਂ ਰੋਕਿਆ ਜਾਵੇਗਾ। ਇਸ ਦੇ ਨਾਲ ਹੀ ਪ੍ਰੀਖਿਆਰਥੀਆਂ ਨੂੰ ਵੀ ਉਨ੍ਹਾਂ ਨੇ ਪ੍ਰੀਖਿਆ ਕੇਂਦਰ ਤੱਕ ਜਾਣ ਵਿਚ ਪੂਰੀ ਮਦਦ ਕੀਤੀ ਜਾਵੇਗੀ।
ਪੰਜਾਬ ਦੇ ਜਲ ਸਰੋਤ ਵਿਭਾਗ 2024 ਦੇ ਅੰਤ ਤੱਕ 2100 ਕਰੋੜ ਰੁਪਏ ਤੋਂ ਵੱਧ ਦੇ ਵਿਕਾਸ
ਪ੍ਰਾਜੈਕਟਾਂ ਨੂੰ ਸਫਲਤਾਪੂਰਵਕ ਲਾਗੂ ਕਰਨਾ ਇੱਕ ਇਤਿਹਾਸਕ ਪ੍ਰਾਪਤੀ- ਬਰਿੰਦਰ ਕੁਮਾਰ ਗੋਇਲ
ਪੇਜ 3 ਨਿਊਜ਼ / ਪ.ਪ.
• ਚੰਡੀਗੜ੍ਹ / 29 ਦਸੰਬਰ
ਪੰਜਾਬ ਦੇ ਜਲ ਸਰੋਤ ਵਿਭਾਗ ਨੇ ਸੂਬੇ ਦੇ ਪਾਣੀ ਸਬੰਧੀ ਬੁਨਿਆਦੀ ਢਾਂਚੇ ਨੂੰ ਮਜ਼ਬੂਤ ਕਰਨ ਅਤੇ ਕਿਸਾਨਾਂ ਨੂੰ ਪਾਣੀ ਦੀ ਸਮਾਨ ਵੰਡ ਯਕੀਨੀ ਬਣਾਉਣ ਲਈ ਬੇਮਿਸਾਲ ਮੀਲ ਪੱਥਰ ਹਾਸਲ ਕੀਤੇ ਹਨ। ਇਹ ਜਾਣਕਾਰੀ ਦਿੰਦਿਆਂ ਜਲ ਸਰੋਤ ਮੰਤਰੀ ਬਰਿੰਦਰ ਕੁਮਾਰ ਗੋਇਲ ਨੇ ਦੱਸਿਆ ਕਿ ਵਿਭਾਗ ਵੱਲੋਂ 2024 ਦੇ ਅੰਤ ਤੱਕ 2100 ਕਰੋੜ ਰੁਪਏ ਤੋਂ ਵੱਧ ਦੇ ਵਿਕਾਸ ਪ੍ਰਾਜੈਕਟਾਂ ਨੂੰ ਸਫਲਤਾਪੂਰਵਕ ਲਾਗੂ ਕਰਨਾ ਇੱਕ ਇਤਿਹਾਸਕ ਪ੍ਰਾਪਤੀ ਹੈ, ਜਿਸ ਵਿੱਚ ਨਹਿਰਾਂ ਦੀ ਵਿਆਪਕ ਲਾਈਨਿੰਗ, ਮੁਰੰਮਤ ਅਤੇ ਖਾਲਿਆਂ ਨੂੰ ਮੁੜ ਸੁਰਜੀਤ ਕਰਨਾ ਸ਼ਾਮਲ ਹੈ। ਉਨ੍ਹਾਂ ਕਿਹਾ ਕਿ ਇਨ੍ਹਾਂ ਵਿਸਥਾਰ ਕਾਰਜਾਂ ਨਾਲ ਪਾਣੀ ਦੀ ਸਮਾਨ ਵੰਡ ਦੀ ਵਚਨਬੱਧਤਾ ਨੂੰ ਪੂਰਾ ਕਰਦਿਆਂ ਟੇਲਾਂ ਤੱਕ ਕਿਸਾਨਾਂ ਵਾਸਤੇ ਪਾਣੀ ਉਪਲਬਧ ਕਰਵਾਉਣ ਦੇ ਮਹੱਤਵਪੂਰਨ ਸੁਧਾਰ ਕੀਤਾ ਗਿਆ ਹੈ। ਉਨ੍ਹਾਂ ਕਿਹਾ ਕਿ ਮੁੱਖ ਮੰਤਰੀ ਸ. ਭਗਵੰਤ ਸਿੰਘ
ਮਾਨ ਦੀ ਅਗਵਾਈ ਵਾਲੀ ਸਰਕਾਰ ਦੀ ਸਭ ਤੋਂ ਮਹੱਤਵਪੂਰਨ ਪ੍ਰਾਪਤੀਆਂ ਵਿੱਚੋਂ ਇੱਕ ਸਰਹਿੰਦ ਫੀਡਰ ਦੀ ਰੀਲਾਈਨਿੰਗ ਰਾਹੀਂ ਸੇਮ ਦੀ ਸਮੱਸਿਆ ਨੂੰ ਹੱਲ ਕਰਨਾ ਹੈ। ਵਿਭਾਗ ਵੱਲੋਂ 671.478 ਕਰੋੜ ਰੁਪਏ ਦੀ ਕੁੱਲ ਲਾਗਤ ਵਾਲੇ ਇਸ ਪ੍ਰਾਜੈਕਟ ਵਿੱਚੋਂ ਹੁਣ ਤੱਕ 89.61 ਕਿਲੋਮੀਟਰ ਰੀਲਾਈਨਿੰਗ ਦੇ ਕਾਰਜ ਮੁਕੰਮਲ ਕੀਤੇ ਜਾ ਚੁੱਕੇ ਹਨ ਜਿਸ ਉਤੇ 543.43 ਕਰੋੜ ਰੁਪਏ ਖ਼ਰਚ ਹੋ ਚੁੱਕੇ ਹਨ। ਕੈਬਨਿਟ ਮੰਤਰੀ ਨੇ ਕਿਹਾ ਕਿ ਇਸ ਉਦਮ ਨੇ ਸੇਮ ਦੀ ਸਮੱਸਿਆ ਨੂੰ ਘੱਟ ਕਰਨ ਲਈ ਵੱਡੀ ਭੂਮਿਕਾ ਨਿਭਾਈ ਹੈ ਜਿਸ ਨਾਲ ਕਾਫੀ ਖੇਤੀ ਯੋਗ ਜ਼ਮੀਨਾਂ ਪ੍ਰਭਾਵਿਤ ਹੋ ਰਹੀਆਂ ਸਨ। ਉਨ੍ਹਾਂ ਦੱਸਿਆ ਕਿ ਸੂਬੇ ਭਰ ਵਿੱਚ ਖਾਲਿਆਂ ਦੀ ਬਹਾਲੀ ਸਬੰਧੀ ਮੁਹਿੰਮ ਦੇ ਵੀ ਸ਼ਾਨਦਾਰ ਨਤੀਜੇ ਸਾਹਮਣੇ ਆਏ ਹਨ। ਦੋ ਤੋਂ ਤਿੰਨ ਦਹਾਕਿਆਂ ਤੋਂ ਬੰਦ ਪਏ 15947 ਖਾਲਿਆਂ ਨੂੰ ਵਿਭਾਗ ਨੇ ਸਫਲਤਾਪੂਰਵਕ ਸੁਰਜੀਤ ਕੀਤਾ ਹੈ। ਇਸ ਪਹਿਲਕਦਮੀ ਨਾਲ ਪਹਿਲੀ ਵਾਰ 950 ਤੋਂ ਵੱਧ ਪਿੰਡਾਂ ਵਿੱਚ ਸਿੰਜਾਈ ਲਈ ਨਹਿਰੀ ਪਾਣੀ ਪਹੁੰਚਾਇਆ
ਗਿਆ ਹੈ। ਜਲ ਸਰੋਤ ਮੰਤਰੀ ਨੇ ਕਿਹਾ ਕਿ ਸੂਬਾ ਸਰਕਾਰ ਨੇ ਪ੍ਰਗਤੀਸ਼ੀਲ ਤਬਦੀਲੀ ਕਰਦਿਆਂ ਖਾਲਿਆਂ ਦੀ ਮੁਰੰਮਤ 25 ਸਾਲਾਂ ਤੋਂ ਪਹਿਲਾਂ ਨਾ ਕਰਨ ਸਬੰਧੀ ਪਾਬੰਦੀ ਹਟਾ ਦਿੱਤੀ ਹੈ ਜਿਸ ਨਾਲ ਖੇਤਰੀ ਅਧਿਕਾਰੀ ਹੁਣ ਤੁਰੰਤ ਖਾਲਿਆਂ ਦੀ ਮੁਰੰਮਤ ਅਤੇ ਬਹਾਲੀ ਸਬੰਧੀ ਕਾਰਜ ਕਰਨ ਦੇ ਯੋਗ ਹੋ ਗਏ ਹਨ। ਉਨ੍ਹਾਂ ਕਿਹਾ ਕਿ ਮਾਲਵਾ ਅਤੇ ਸੂਬੇ ਦੇ ਖੇਤਾਂ ਨੂੰ ਸਿੰਜ ਕੇ ਸੂਬੇ ਨੇ ਸਿਹਤ ਦੇ ਸਾਲਾਂ ਵਿੱਚ 700 ਕਿਲੋਮੀਟਰ ਤੱਕ ਫੈਲੇ 909 ਤੋਂ ਵੱਧ ਖਾਲਿਆਂ ਨੂੰ ਸੁਰਜੀਤ ਕੀਤਾ ਹੈ। ਸ੍ਰੀ ਗੋਇਲ ਨੇ ਕਿਹਾ ਕਿ ਮਾਲਵਾ ਨਹਿਰ ਪ੍ਰਾਜੈਕਟ ਦੇ ਨਿਰਮਾਣ ਦੀ ਇਤਿਹਾਸਕ ਪਹਿਲਕਦਮੀ ਮਾਲਵਾ ਖੇਤਰ ਵਿੱਚ ਸਿੰਜਾਈ ਲੋੜਾਂ ਸਬੰਧੀ ਕ੍ਰਾਂਤੀ ਲਿਆਏਗੀ। 2300 ਕਰੋੜ ਰੁਪਏ ਦੇ ਨਿਵੇਸ਼ ਨਾਲ ਬਣਨ ਵਾਲੀ 150 ਕਿਲੋਮੀਟਰ ਲੰਬੀ ਇਹ ਨਹਿਰ ਪੰਜ ਜ਼ਿਲ੍ਹਿਆਂ- ਬਠਿੰਡਾ, ਫ਼ਰੀਦਕੋਟ, ਫ਼ਾਜ਼ਿਲਕਾ, ਫ਼ਿਰੋਜ਼ਪੁਰ ਅਤੇ ਸ੍ਰੀ ਮੁਕਤਸਰ ਸਾਹਿਬ ਦੇ ਲਗਭਗ ਦੋ ਲੱਖ ਏਕੜ ਰਕਬੇ ਦੀ ਸਿੰਜਾਈ ਲੋੜਾਂ ਦੀ ਪੂਰਤੀ ਕਰੇਗੀ।
